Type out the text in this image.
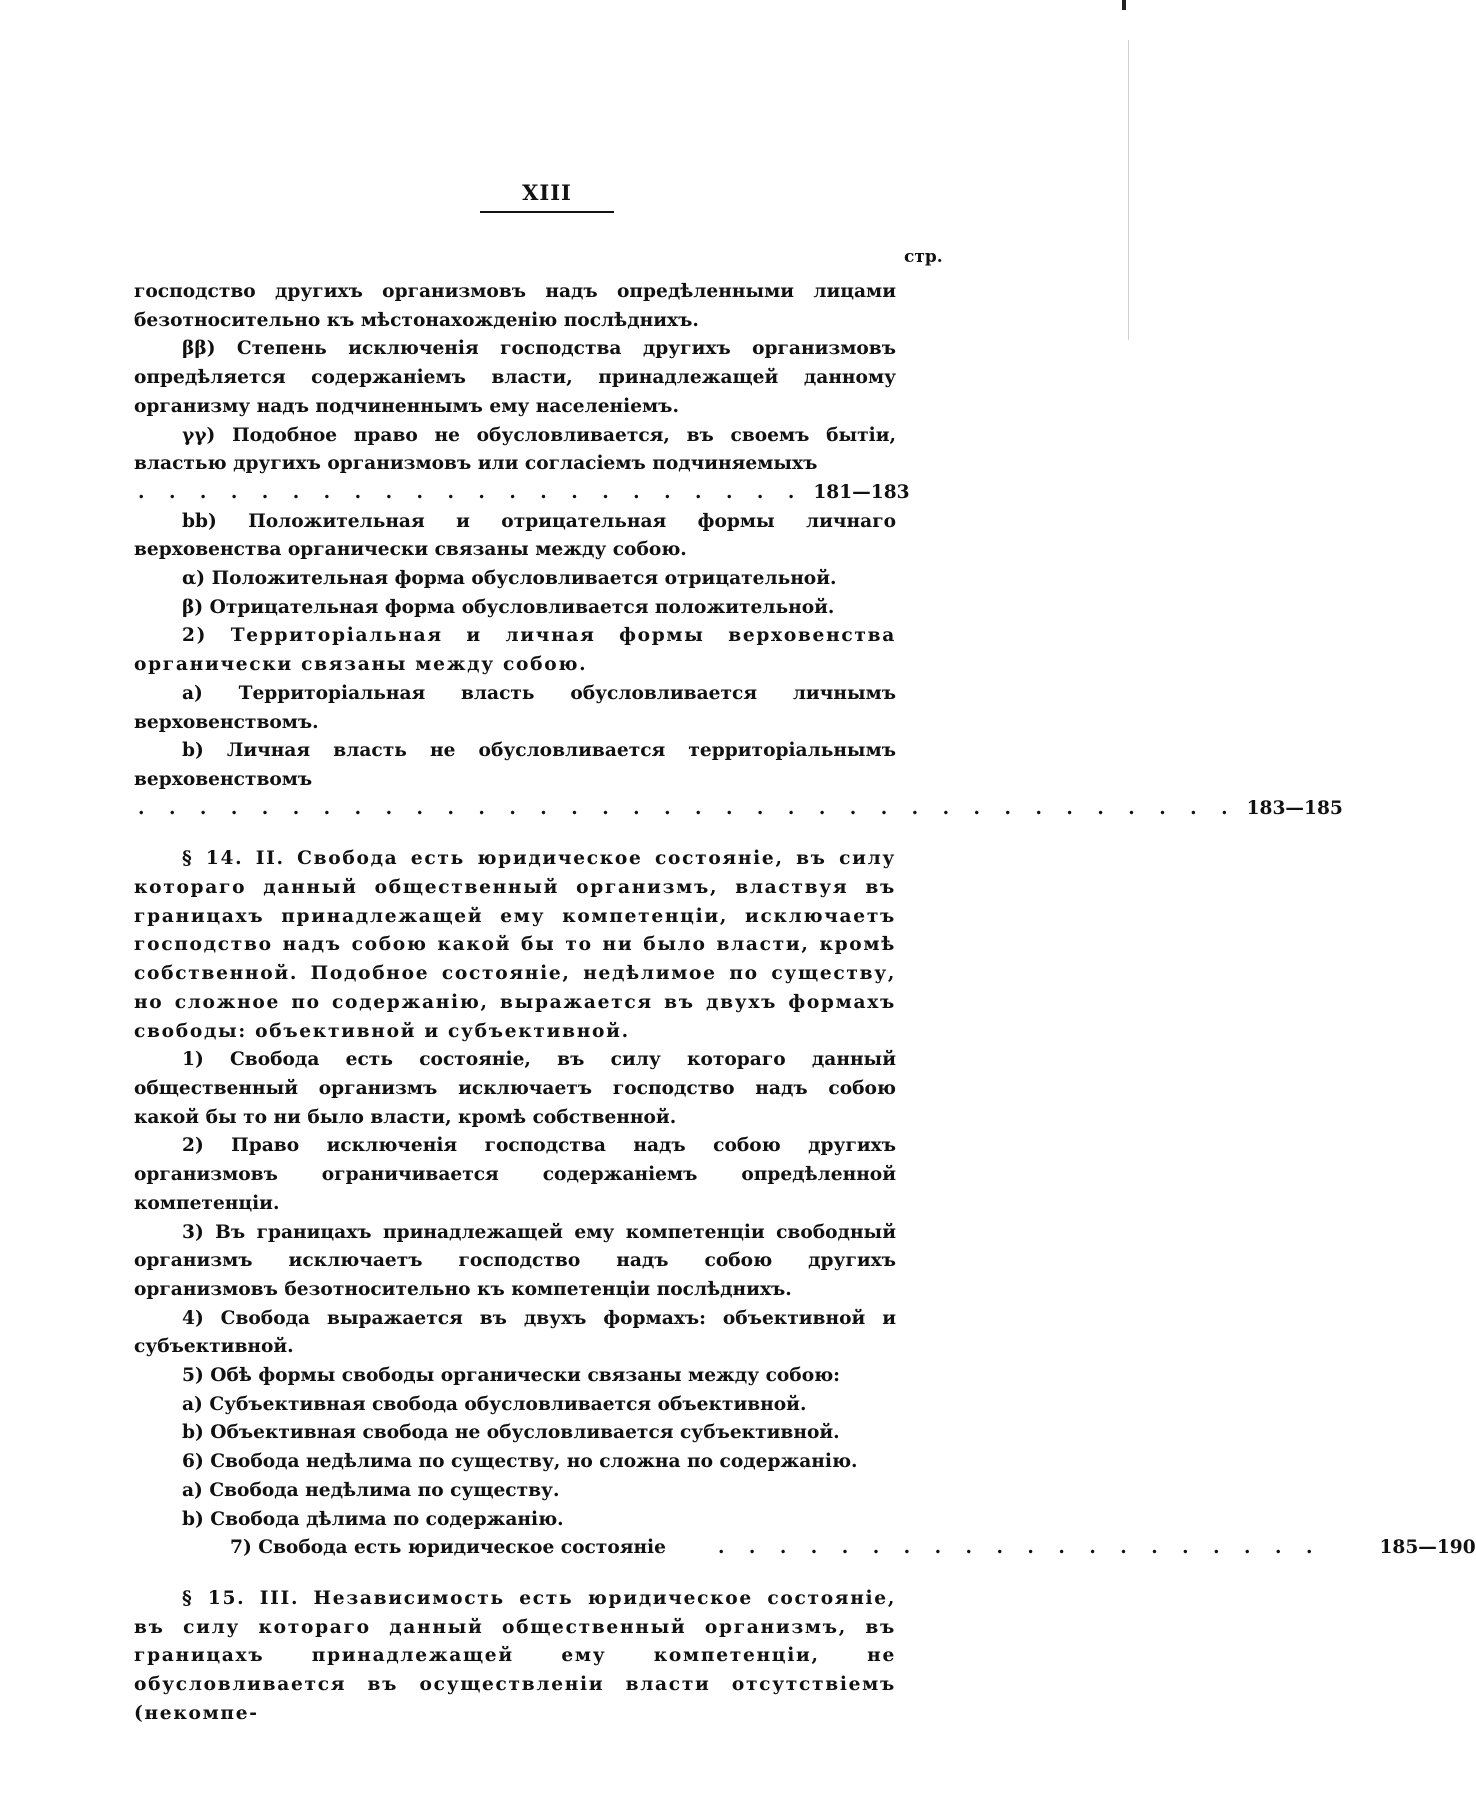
XIII
стр.

господство другихъ организмовъ надъ опредѣленными лицами безотносительно къ мѣстонахожденію послѣднихъ.

ββ) Степень исключенія господства другихъ организмовъ опредѣляется содержаніемъ власти, принадлежащей данному организму надъ подчиненнымъ ему населеніемъ.

γγ) Подобное право не обусловливается, въ своемъ бытіи, властью другихъ организмовъ или согласіемъ подчиняемыхъ

. . . . . . . . . . . . . . . . . . . . . . 181—183

bb) Положительная и отрицательная формы личнаго верховенства органически связаны между собою.

α) Положительная форма обусловливается отрицательной.

β) Отрицательная форма обусловливается положительной.

2) Территоріальная и личная формы верховенства органически связаны между собою.

a) Территоріальная власть обусловливается личнымъ верховенствомъ.

b) Личная власть не обусловливается территоріальнымъ верховенствомъ

. . . . . . . . . . . . . . . . . . . . . . . . . . . . . . . . . . . . 183—185

§ 14. II. Свобода есть юридическое состояніе, въ силу котораго данный общественный организмъ, властвуя въ границахъ принадлежащей ему компетенціи, исключаетъ господство надъ собою какой бы то ни было власти, кромѣ собственной. Подобное состояніе, недѣлимое по существу, но сложное по содержанію, выражается въ двухъ формахъ свободы: объективной и субъективной.

1) Свобода есть состояніе, въ силу котораго данный общественный организмъ исключаетъ господство надъ собою какой бы то ни было власти, кромѣ собственной.

2) Право исключенія господства надъ собою другихъ организмовъ ограничивается содержаніемъ опредѣленной компетенціи.

3) Въ границахъ принадлежащей ему компетенціи свободный организмъ исключаетъ господство надъ собою другихъ организмовъ безотносительно къ компетенціи послѣднихъ.

4) Свобода выражается въ двухъ формахъ: объективной и субъективной.

5) Обѣ формы свободы органически связаны между собою:

a) Субъективная свобода обусловливается объективной.

b) Объективная свобода не обусловливается субъективной.

6) Свобода недѣлима по существу, но сложна по содержанію.

a) Свобода недѣлима по существу.

b) Свобода дѣлима по содержанію.

7) Свобода есть юридическое состояніе	. . . . . . . . . . . . . . . . . . . .	185—190

§ 15. III. Независимость есть юридическое состояніе, въ силу котораго данный общественный организмъ, въ границахъ принадлежащей ему компетенціи, не обусловливается въ осуществленіи власти отсутствіемъ (некомпе-
